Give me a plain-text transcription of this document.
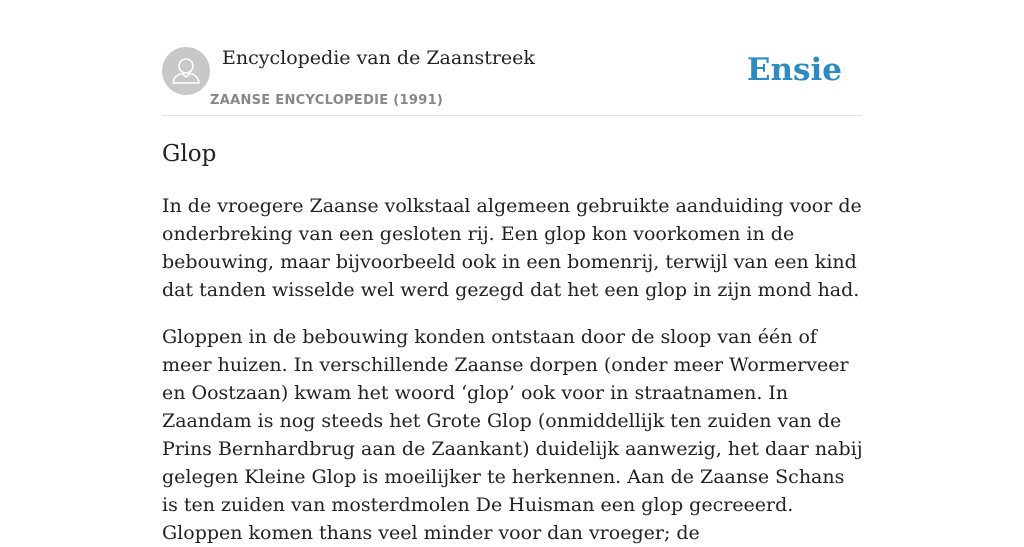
Encyclopedie van de Zaanstreek
ZAANSE ENCYCLOPEDIE (1991)
Ensie
Glop

In de vroegere Zaanse volkstaal algemeen gebruikte aanduiding voor de onderbreking van een gesloten rij. Een glop kon voorkomen in de bebouwing, maar bijvoorbeeld ook in een bomenrij, terwijl van een kind dat tanden wisselde wel werd gezegd dat het een glop in zijn mond had.

Gloppen in de bebouwing konden ontstaan door de sloop van één of meer huizen. In verschillende Zaanse dorpen (onder meer Wormerveer en Oostzaan) kwam het woord ‘glop’ ook voor in straatnamen. In Zaandam is nog steeds het Grote Glop (onmiddellijk ten zuiden van de Prins Bernhardbrug aan de Zaankant) duidelijk aanwezig, het daar nabij gelegen Kleine Glop is moeilijker te herkennen. Aan de Zaanse Schans is ten zuiden van mosterdmolen De Huisman een glop gecreeerd. Gloppen komen thans veel minder voor dan vroeger; de
